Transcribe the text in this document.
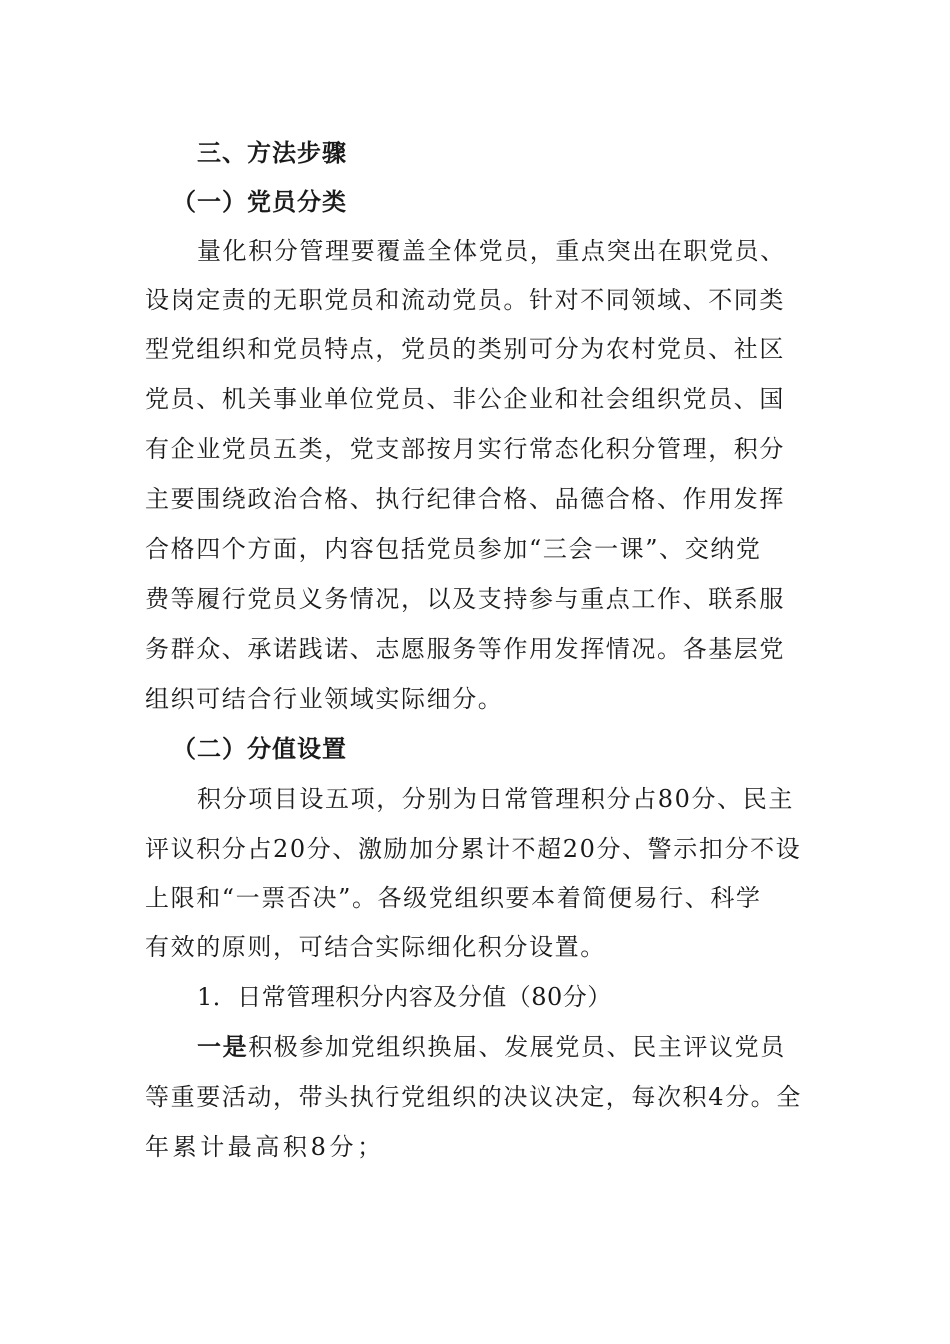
三、方法步骤
（一）党员分类
量化积分管理要覆盖全体党员，重点突出在职党员、
设岗定责的无职党员和流动党员。针对不同领域、不同类
型党组织和党员特点，党员的类别可分为农村党员、社区
党员、机关事业单位党员、非公企业和社会组织党员、国
有企业党员五类，党支部按月实行常态化积分管理，积分
主要围绕政治合格、执行纪律合格、品德合格、作用发挥
合格四个方面，内容包括党员参加“三会一课”、交纳党
费等履行党员义务情况，以及支持参与重点工作、联系服
务群众、承诺践诺、志愿服务等作用发挥情况。各基层党
组织可结合行业领域实际细分。
（二）分值设置
积分项目设五项，分别为日常管理积分占80分、民主
评议积分占20分、激励加分累计不超20分、警示扣分不设
上限和“一票否决”。各级党组织要本着简便易行、科学
有效的原则，可结合实际细化积分设置。
1．日常管理积分内容及分值（80分）
一是积极参加党组织换届、发展党员、民主评议党员
等重要活动，带头执行党组织的决议决定，每次积4分。全
年累计最高积8分；
